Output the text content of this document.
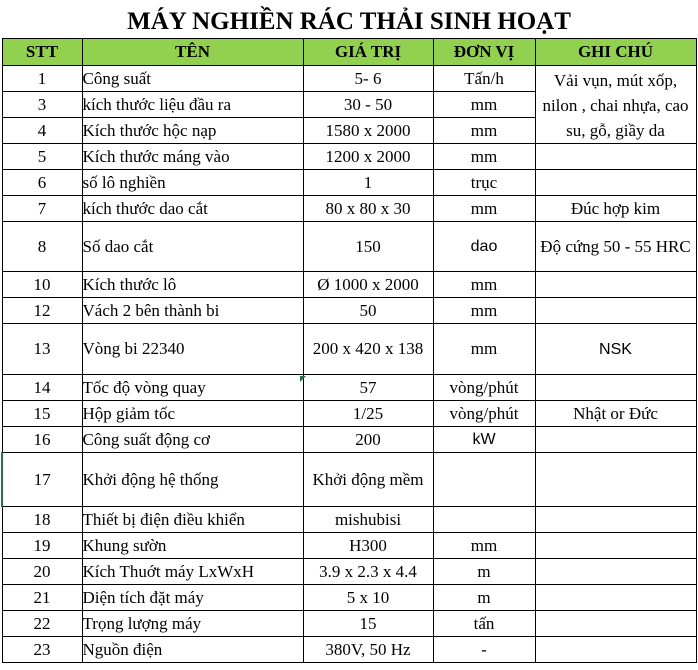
MÁY NGHIỀN RÁC THẢI SINH HOẠT
STT	TÊN	GIÁ TRỊ	ĐƠN VỊ	GHI CHÚ
1	Công suất	5- 6	Tấn/h	Vải vụn, mút xốp, nilon , chai nhựa, cao su, gỗ, giầy da
3	kích thước liệu đầu ra	30 - 50	mm	
4	Kích thước hộc nạp	1580 x 2000	mm	
5	Kích thước máng vào	1200 x 2000	mm	
6	số lô nghiền	1	trục	
7	kích thước dao cắt	80 x 80 x 30	mm	Đúc hợp kim
8	Số dao cắt	150	dao	Độ cứng 50 - 55 HRC
10	Kích thước lô	Ø 1000 x 2000	mm	
12	Vách 2 bên thành bi	50	mm	
13	Vòng bi 22340	200 x 420 x 138	mm	NSK
14	Tốc độ vòng quay	57	vòng/phút	
15	Hộp giảm tốc	1/25	vòng/phút	Nhật or Đức
16	Công suất động cơ	200	kW	
17	Khởi động hệ thống	Khởi động mềm		
18	Thiết bị điện điều khiển	mishubisi		
19	Khung sườn	H300	mm	
20	Kích Thuớt máy LxWxH	3.9 x 2.3 x 4.4	m	
21	Diện tích đặt máy	5 x 10	m	
22	Trọng lượng máy	15	tấn	
23	Nguồn điện	380V, 50 Hz	-	
